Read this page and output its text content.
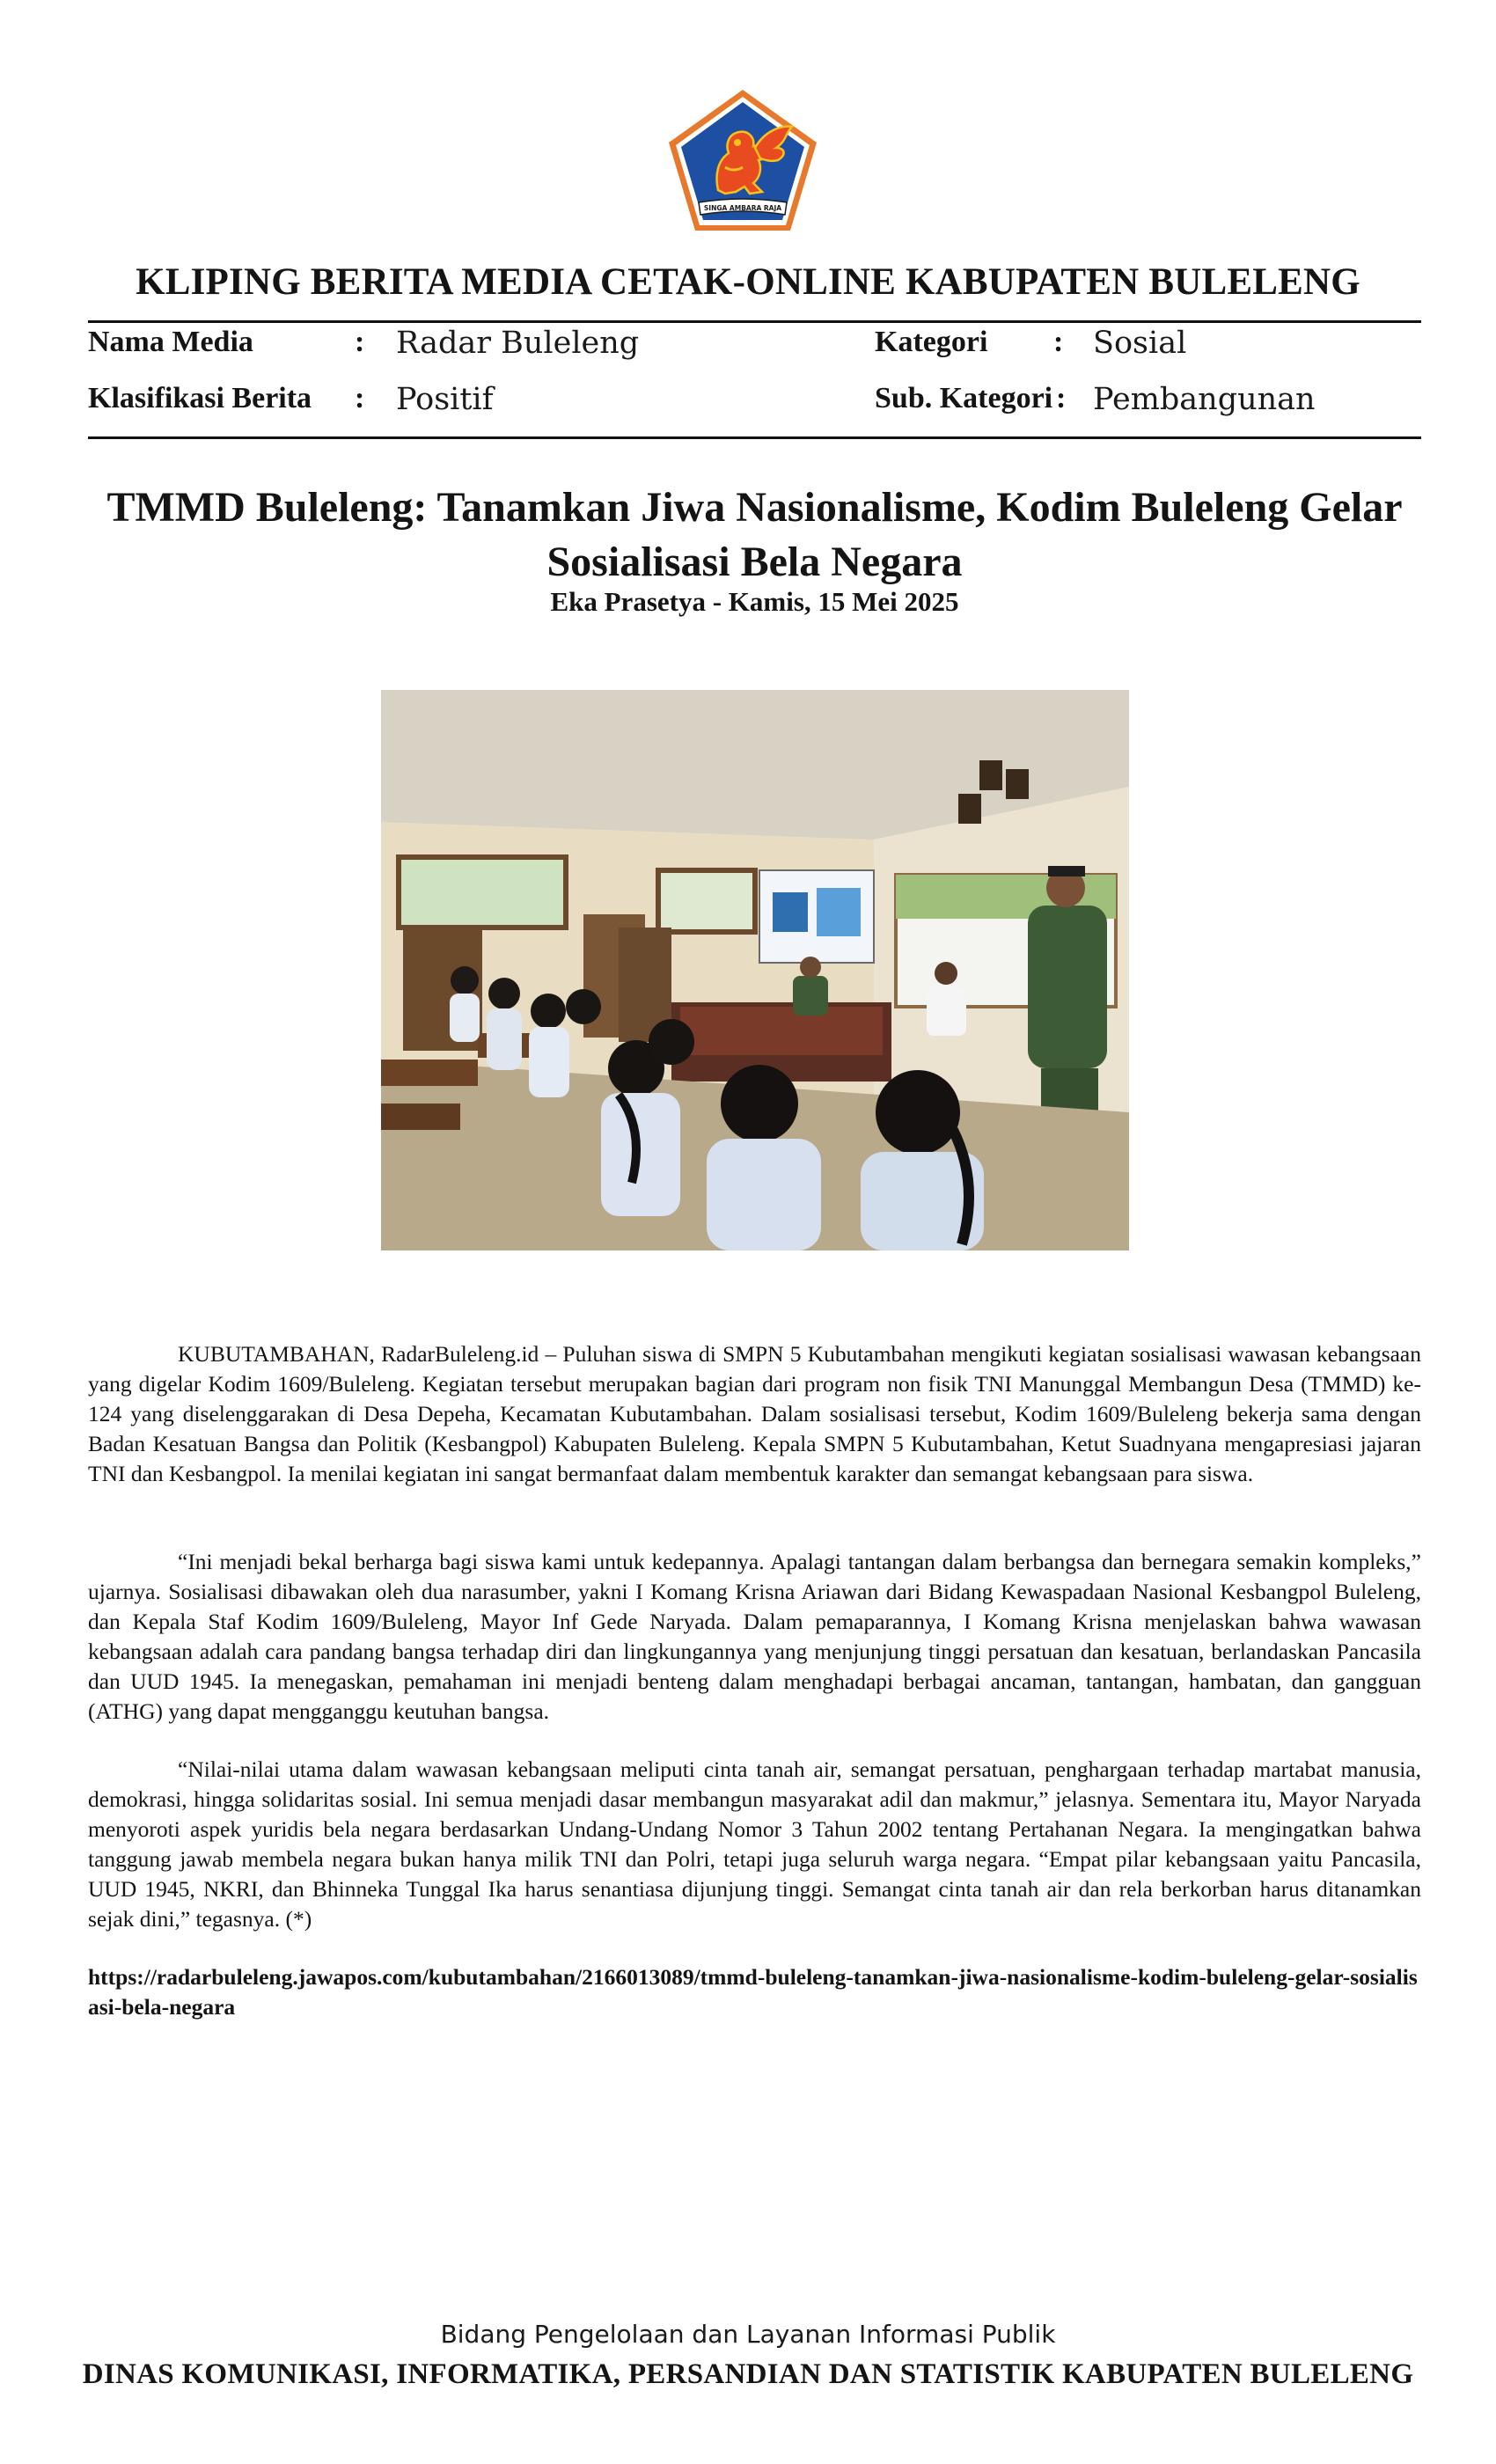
SINGA AMBARA RAJA
KLIPING BERITA MEDIA CETAK-ONLINE KABUPATEN BULELENG
Nama Media	: Radar Buleleng
Klasifikasi Berita : Positif
Kategori : Sosial
Sub. Kategori : Pembangunan
TMMD Buleleng: Tanamkan Jiwa Nasionalisme, Kodim Buleleng Gelar Sosialisasi Bela Negara
Eka Prasetya - Kamis, 15 Mei 2025

KUBUTAMBAHAN, RadarBuleleng.id – Puluhan siswa di SMPN 5 Kubutambahan mengikuti kegiatan sosialisasi wawasan kebangsaan yang digelar Kodim 1609/Buleleng. Kegiatan tersebut merupakan bagian dari program non fisik TNI Manunggal Membangun Desa (TMMD) ke-124 yang diselenggarakan di Desa Depeha, Kecamatan Kubutambahan. Dalam sosialisasi tersebut, Kodim 1609/Buleleng bekerja sama dengan Badan Kesatuan Bangsa dan Politik (Kesbangpol) Kabupaten Buleleng. Kepala SMPN 5 Kubutambahan, Ketut Suadnyana mengapresiasi jajaran TNI dan Kesbangpol. Ia menilai kegiatan ini sangat bermanfaat dalam membentuk karakter dan semangat kebangsaan para siswa.

“Ini menjadi bekal berharga bagi siswa kami untuk kedepannya. Apalagi tantangan dalam berbangsa dan bernegara semakin kompleks,” ujarnya. Sosialisasi dibawakan oleh dua narasumber, yakni I Komang Krisna Ariawan dari Bidang Kewaspadaan Nasional Kesbangpol Buleleng, dan Kepala Staf Kodim 1609/Buleleng, Mayor Inf Gede Naryada. Dalam pemaparannya, I Komang Krisna menjelaskan bahwa wawasan kebangsaan adalah cara pandang bangsa terhadap diri dan lingkungannya yang menjunjung tinggi persatuan dan kesatuan, berlandaskan Pancasila dan UUD 1945. Ia menegaskan, pemahaman ini menjadi benteng dalam menghadapi berbagai ancaman, tantangan, hambatan, dan gangguan (ATHG) yang dapat mengganggu keutuhan bangsa.

“Nilai-nilai utama dalam wawasan kebangsaan meliputi cinta tanah air, semangat persatuan, penghargaan terhadap martabat manusia, demokrasi, hingga solidaritas sosial. Ini semua menjadi dasar membangun masyarakat adil dan makmur,” jelasnya. Sementara itu, Mayor Naryada menyoroti aspek yuridis bela negara berdasarkan Undang-Undang Nomor 3 Tahun 2002 tentang Pertahanan Negara. Ia mengingatkan bahwa tanggung jawab membela negara bukan hanya milik TNI dan Polri, tetapi juga seluruh warga negara. “Empat pilar kebangsaan yaitu Pancasila, UUD 1945, NKRI, dan Bhinneka Tunggal Ika harus senantiasa dijunjung tinggi. Semangat cinta tanah air dan rela berkorban harus ditanamkan sejak dini,” tegasnya. (*)

https://radarbuleleng.jawapos.com/kubutambahan/2166013089/tmmd-buleleng-tanamkan-jiwa-nasionalisme-kodim-buleleng-gelar-sosialisasi-bela-negara
Bidang Pengelolaan dan Layanan Informasi Publik
DINAS KOMUNIKASI, INFORMATIKA, PERSANDIAN DAN STATISTIK KABUPATEN BULELENG
